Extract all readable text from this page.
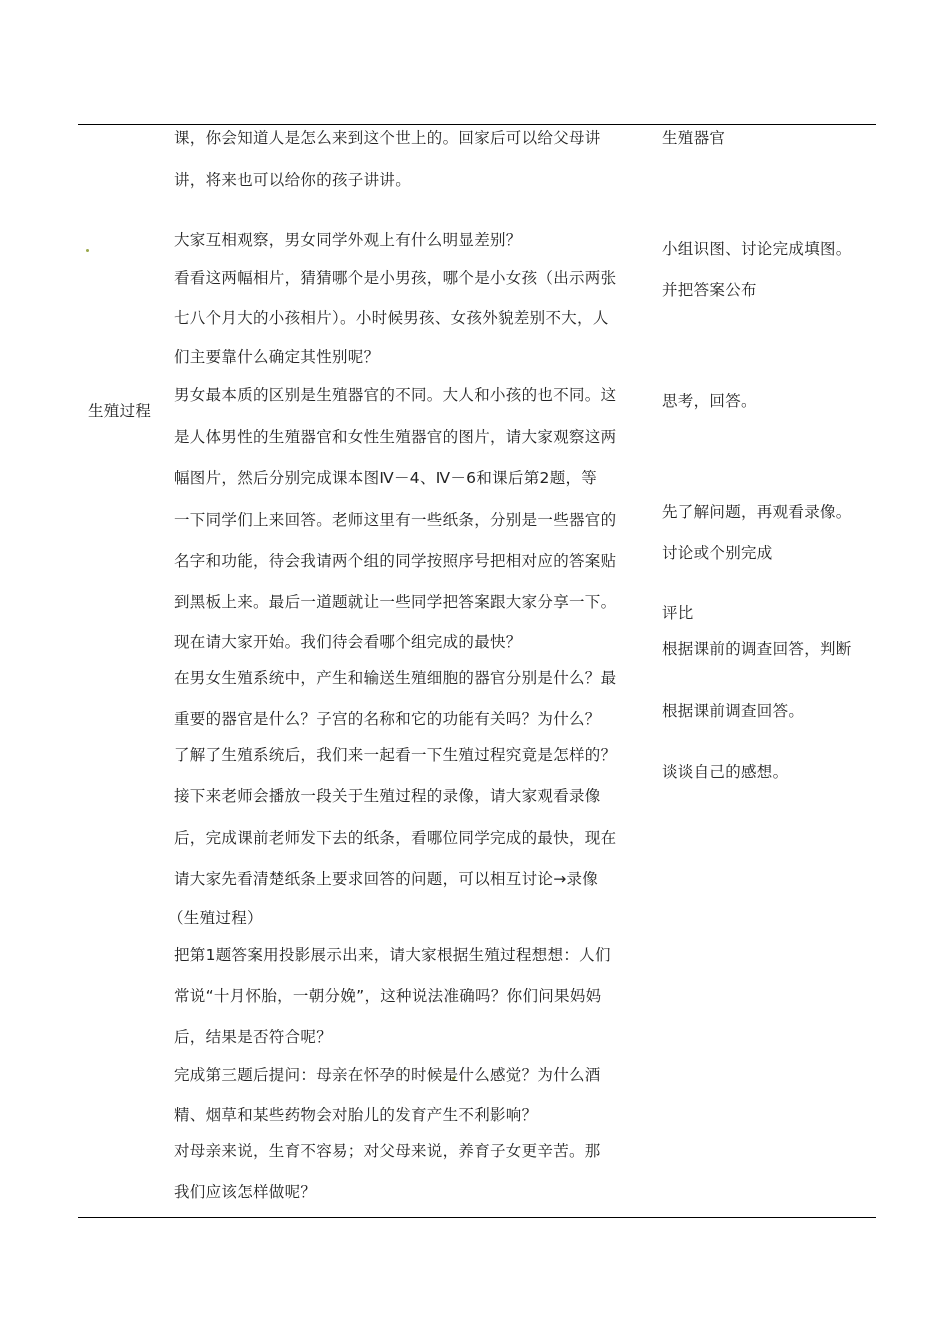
生殖过程
课，你会知道人是怎么来到这个世上的。回家后可以给父母讲
讲，将来也可以给你的孩子讲讲。
大家互相观察，男女同学外观上有什么明显差别？
看看这两幅相片，猜猜哪个是小男孩，哪个是小女孩（出示两张
七八个月大的小孩相片）。小时候男孩、女孩外貌差别不大，人
们主要靠什么确定其性别呢？
男女最本质的区别是生殖器官的不同。大人和小孩的也不同。这
是人体男性的生殖器官和女性生殖器官的图片，请大家观察这两
幅图片，然后分别完成课本图Ⅳ－4、Ⅳ－6和课后第2题，等
一下同学们上来回答。老师这里有一些纸条，分别是一些器官的
名字和功能，待会我请两个组的同学按照序号把相对应的答案贴
到黑板上来。最后一道题就让一些同学把答案跟大家分享一下。
现在请大家开始。我们待会看哪个组完成的最快？
在男女生殖系统中，产生和输送生殖细胞的器官分别是什么？最
重要的器官是什么？子宫的名称和它的功能有关吗？为什么？
了解了生殖系统后，我们来一起看一下生殖过程究竟是怎样的？
接下来老师会播放一段关于生殖过程的录像，请大家观看录像
后，完成课前老师发下去的纸条，看哪位同学完成的最快，现在
请大家先看清楚纸条上要求回答的问题，可以相互讨论→录像
（生殖过程）
把第1题答案用投影展示出来，请大家根据生殖过程想想：人们
常说“十月怀胎，一朝分娩”，这种说法准确吗？你们问果妈妈
后，结果是否符合呢？
完成第三题后提问：母亲在怀孕的时候是什么感觉？为什么酒
精、烟草和某些药物会对胎儿的发育产生不利影响？
对母亲来说，生育不容易；对父母来说，养育子女更辛苦。那
我们应该怎样做呢？
生殖器官
小组识图、讨论完成填图。
并把答案公布
思考，回答。
先了解问题，再观看录像。
讨论或个别完成
评比
根据课前的调查回答，判断
根据课前调查回答。
谈谈自己的感想。
